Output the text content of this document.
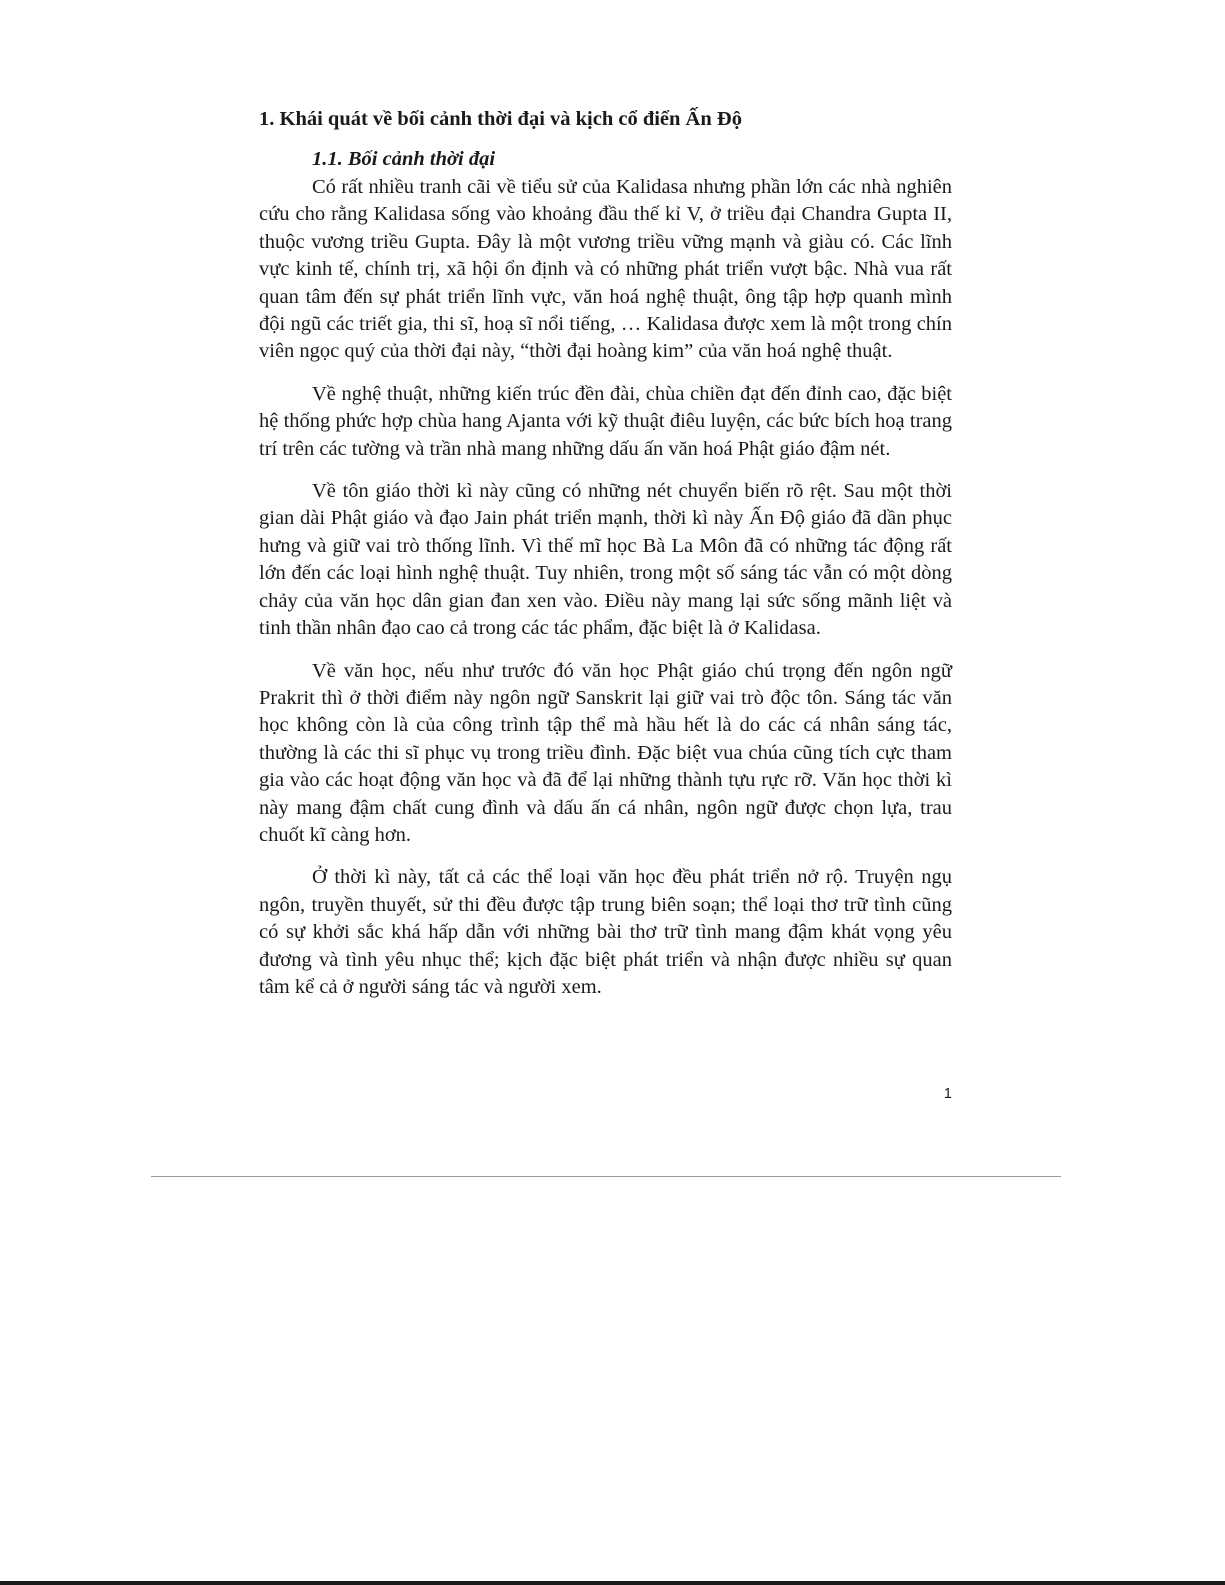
1. Khái quát về bối cảnh thời đại và kịch cổ điển Ấn Độ
1.1. Bối cảnh thời đại

Có rất nhiều tranh cãi về tiểu sử của Kalidasa nhưng phần lớn các nhà nghiên cứu cho rằng Kalidasa sống vào khoảng đầu thế kỉ V, ở triều đại Chandra Gupta II, thuộc vương triều Gupta. Đây là một vương triều vững mạnh và giàu có. Các lĩnh vực kinh tế, chính trị, xã hội ổn định và có những phát triển vượt bậc. Nhà vua rất quan tâm đến sự phát triển lĩnh vực, văn hoá nghệ thuật, ông tập hợp quanh mình đội ngũ các triết gia, thi sĩ, hoạ sĩ nổi tiếng, … Kalidasa được xem là một trong chín viên ngọc quý của thời đại này, “thời đại hoàng kim” của văn hoá nghệ thuật.

Về nghệ thuật, những kiến trúc đền đài, chùa chiền đạt đến đỉnh cao, đặc biệt hệ thống phức hợp chùa hang Ajanta với kỹ thuật điêu luyện, các bức bích hoạ trang trí trên các tường và trần nhà mang những dấu ấn văn hoá Phật giáo đậm nét.

Về tôn giáo thời kì này cũng có những nét chuyển biến rõ rệt. Sau một thời gian dài Phật giáo và đạo Jain phát triển mạnh, thời kì này Ấn Độ giáo đã dần phục hưng và giữ vai trò thống lĩnh. Vì thế mĩ học Bà La Môn đã có những tác động rất lớn đến các loại hình nghệ thuật. Tuy nhiên, trong một số sáng tác vẫn có một dòng chảy của văn học dân gian đan xen vào. Điều này mang lại sức sống mãnh liệt và tinh thần nhân đạo cao cả trong các tác phẩm, đặc biệt là ở Kalidasa.

Về văn học, nếu như trước đó văn học Phật giáo chú trọng đến ngôn ngữ Prakrit thì ở thời điểm này ngôn ngữ Sanskrit lại giữ vai trò độc tôn. Sáng tác văn học không còn là của công trình tập thể mà hầu hết là do các cá nhân sáng tác, thường là các thi sĩ phục vụ trong triều đình. Đặc biệt vua chúa cũng tích cực tham gia vào các hoạt động văn học và đã để lại những thành tựu rực rỡ. Văn học thời kì này mang đậm chất cung đình và dấu ấn cá nhân, ngôn ngữ được chọn lựa, trau chuốt kĩ càng hơn.

Ở thời kì này, tất cả các thể loại văn học đều phát triển nở rộ. Truyện ngụ ngôn, truyền thuyết, sử thi đều được tập trung biên soạn; thể loại thơ trữ tình cũng có sự khởi sắc khá hấp dẫn với những bài thơ trữ tình mang đậm khát vọng yêu đương và tình yêu nhục thể; kịch đặc biệt phát triển và nhận được nhiều sự quan tâm kể cả ở người sáng tác và người xem.

1
